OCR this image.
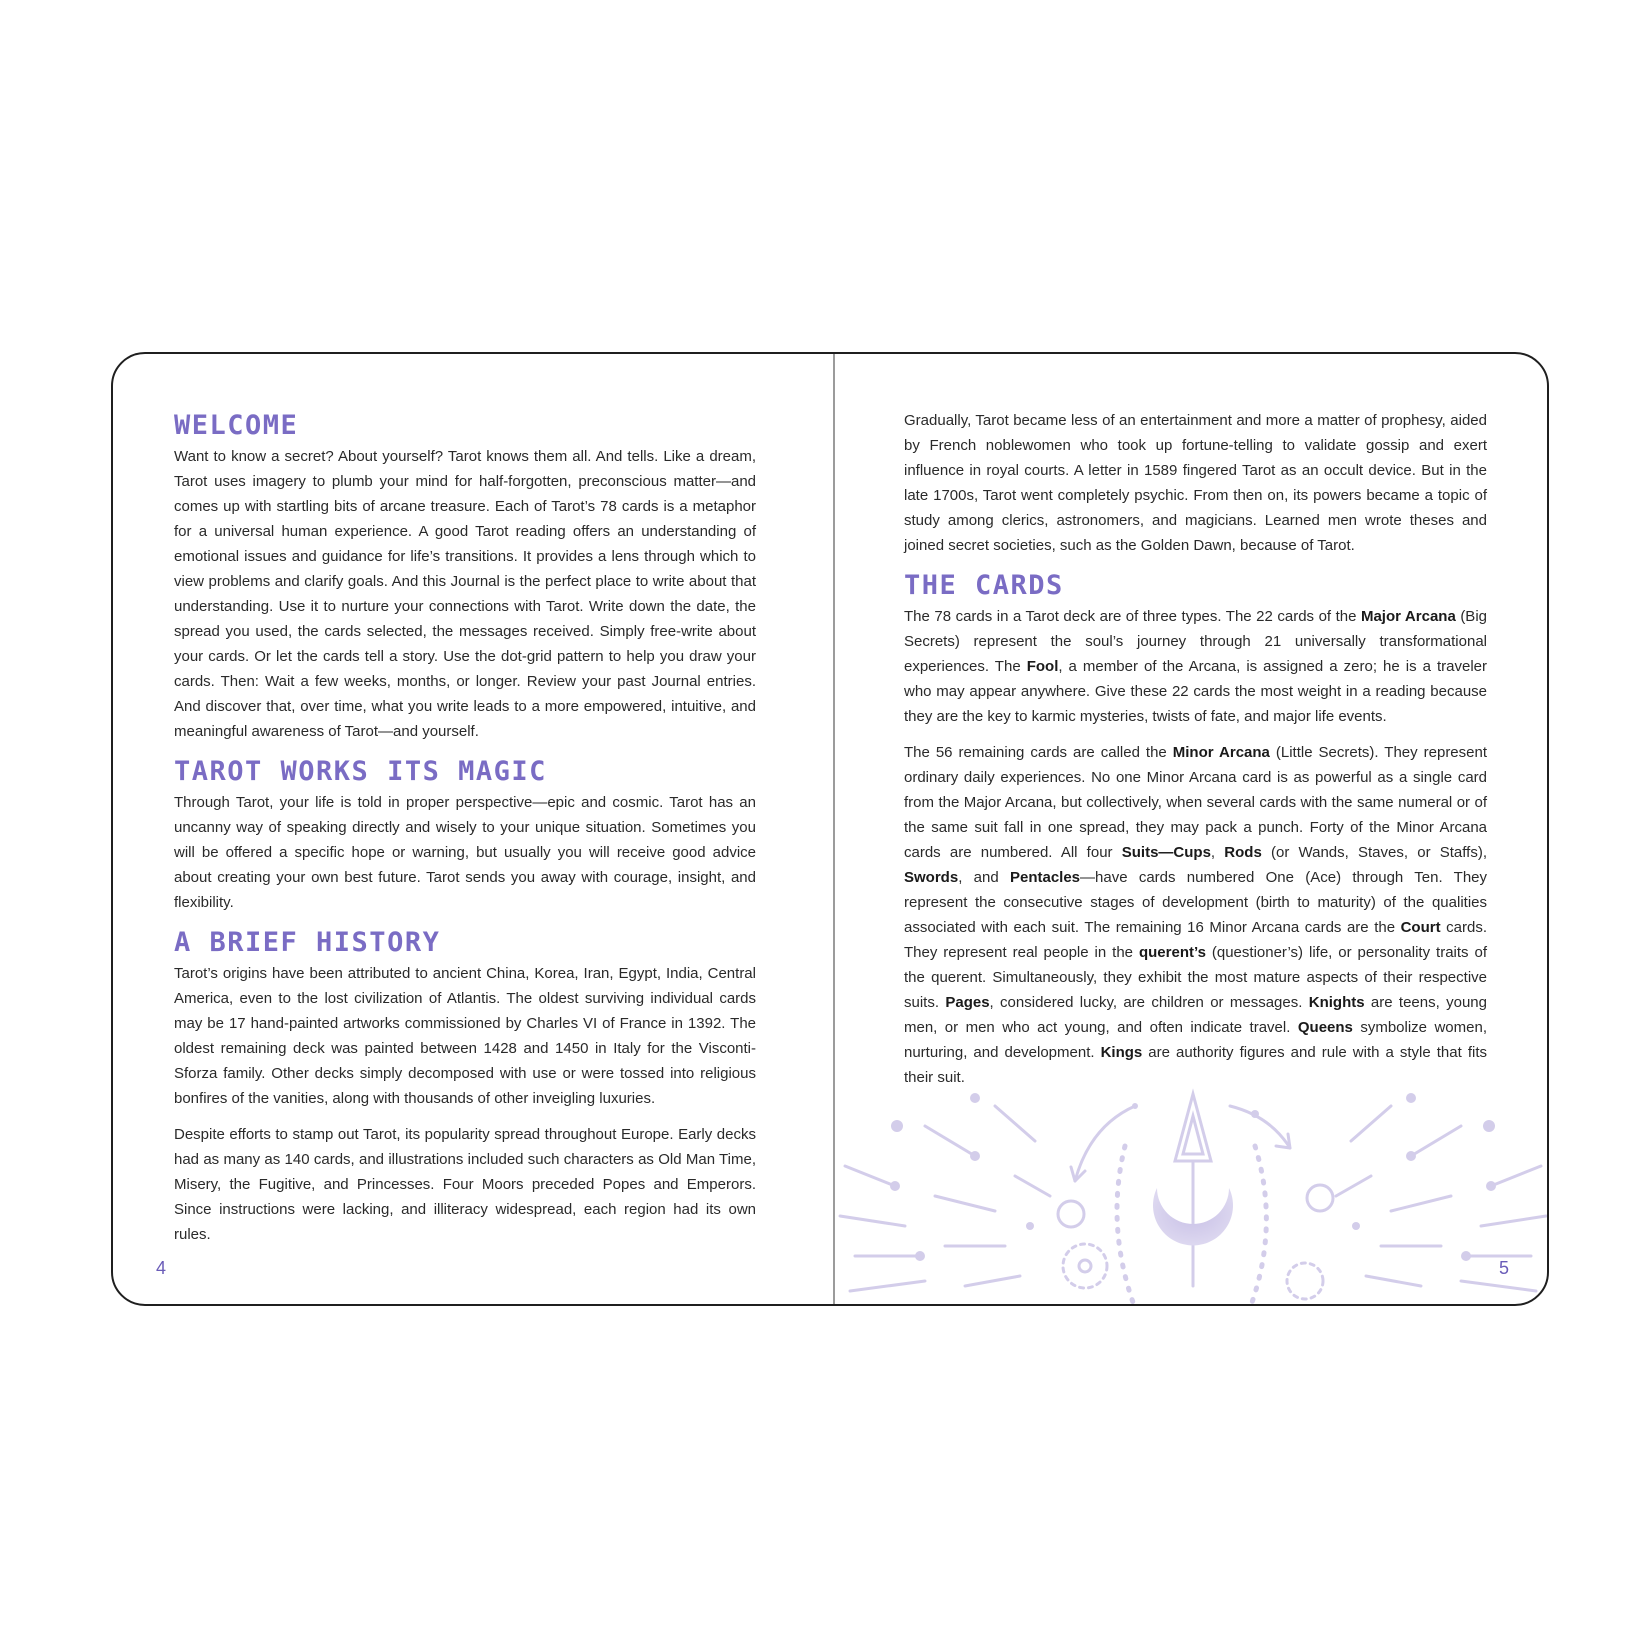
WELCOME

Want to know a secret? About yourself? Tarot knows them all. And tells. Like a dream, Tarot uses imagery to plumb your mind for half-forgotten, preconscious matter—and comes up with startling bits of arcane treasure. Each of Tarot’s 78 cards is a metaphor for a universal human experience. A good Tarot reading offers an understanding of emotional issues and guidance for life’s transitions. It provides a lens through which to view problems and clarify goals. And this Journal is the perfect place to write about that understanding. Use it to nurture your connections with Tarot. Write down the date, the spread you used, the cards selected, the messages received. Simply free-write about your cards. Or let the cards tell a story. Use the dot-grid pattern to help you draw your cards. Then: Wait a few weeks, months, or longer. Review your past Journal entries. And discover that, over time, what you write leads to a more empowered, intuitive, and meaningful awareness of Tarot—and yourself.

TAROT WORKS ITS MAGIC

Through Tarot, your life is told in proper perspective—epic and cosmic. Tarot has an uncanny way of speaking directly and wisely to your unique situation. Sometimes you will be offered a specific hope or warning, but usually you will receive good advice about creating your own best future. Tarot sends you away with courage, insight, and flexibility.

A BRIEF HISTORY

Tarot’s origins have been attributed to ancient China, Korea, Iran, Egypt, India, Central America, even to the lost civilization of Atlantis. The oldest surviving individual cards may be 17 hand-painted artworks commissioned by Charles VI of France in 1392. The oldest remaining deck was painted between 1428 and 1450 in Italy for the Visconti-Sforza family. Other decks simply decomposed with use or were tossed into religious bonfires of the vanities, along with thousands of other inveigling luxuries.

Despite efforts to stamp out Tarot, its popularity spread throughout Europe. Early decks had as many as 140 cards, and illustrations included such characters as Old Man Time, Misery, the Fugitive, and Princesses. Four Moors preceded Popes and Emperors. Since instructions were lacking, and illiteracy widespread, each region had its own rules.

4

Gradually, Tarot became less of an entertainment and more a matter of prophesy, aided by French noblewomen who took up fortune-telling to validate gossip and exert influence in royal courts. A letter in 1589 fingered Tarot as an occult device. But in the late 1700s, Tarot went completely psychic. From then on, its powers became a topic of study among clerics, astronomers, and magicians. Learned men wrote theses and joined secret societies, such as the Golden Dawn, because of Tarot.

THE CARDS

The 78 cards in a Tarot deck are of three types. The 22 cards of the Major Arcana (Big Secrets) represent the soul’s journey through 21 universally transformational experiences. The Fool, a member of the Arcana, is assigned a zero; he is a traveler who may appear anywhere. Give these 22 cards the most weight in a reading because they are the key to karmic mysteries, twists of fate, and major life events.

The 56 remaining cards are called the Minor Arcana (Little Secrets). They represent ordinary daily experiences. No one Minor Arcana card is as powerful as a single card from the Major Arcana, but collectively, when several cards with the same numeral or of the same suit fall in one spread, they may pack a punch. Forty of the Minor Arcana cards are numbered. All four Suits—Cups, Rods (or Wands, Staves, or Staffs), Swords, and Pentacles—have cards numbered One (Ace) through Ten. They represent the consecutive stages of development (birth to maturity) of the qualities associated with each suit. The remaining 16 Minor Arcana cards are the Court cards. They represent real people in the querent’s (questioner’s) life, or personality traits of the querent. Simultaneously, they exhibit the most mature aspects of their respective suits. Pages, considered lucky, are children or messages. Knights are teens, young men, or men who act young, and often indicate travel. Queens symbolize women, nurturing, and development. Kings are authority figures and rule with a style that fits their suit.

5
